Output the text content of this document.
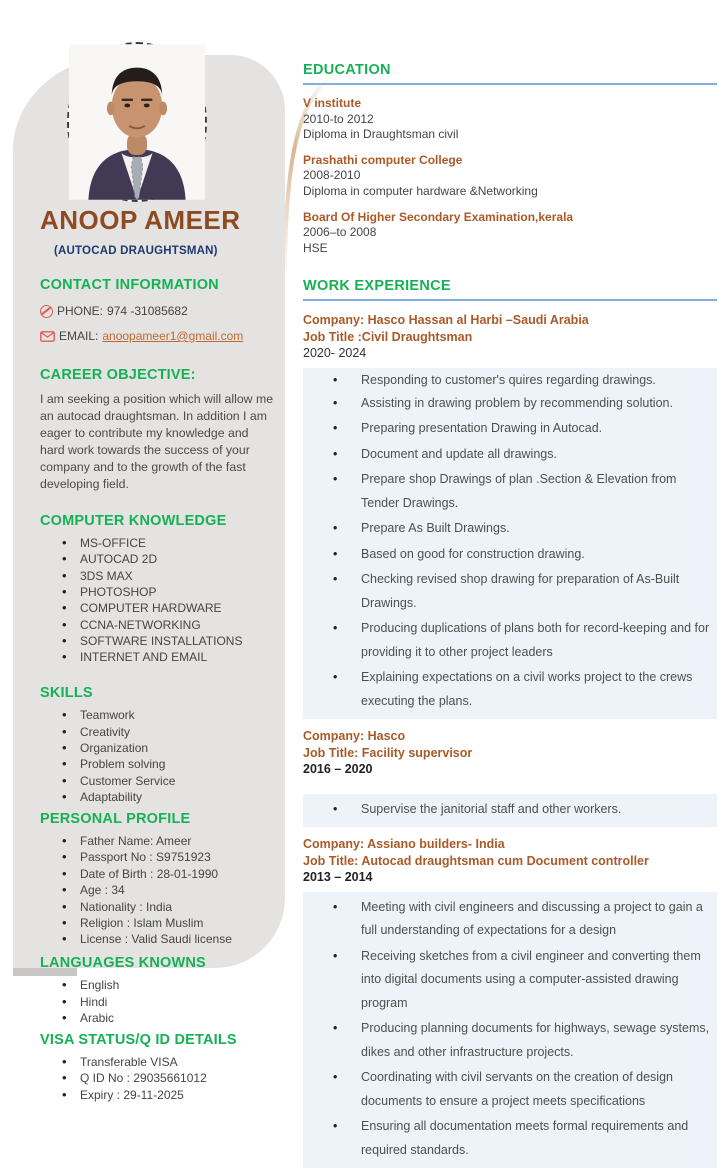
ANOOP AMEER
(AUTOCAD DRAUGHTSMAN)
CONTACT INFORMATION
PHONE: 974 -31085682
EMAIL: anoopameer1@gmail.com
CAREER OBJECTIVE:

I am seeking a position which will allow me an autocad draughtsman. In addition I am eager to contribute my knowledge and hard work towards the success of your company and to the growth of the fast developing field.

COMPUTER KNOWLEDGE
• MS-OFFICE
• AUTOCAD 2D
• 3DS MAX
• PHOTOSHOP
• COMPUTER HARDWARE
• CCNA-NETWORKING
• SOFTWARE INSTALLATIONS
• INTERNET AND EMAIL
SKILLS
• Teamwork
• Creativity
• Organization
• Problem solving
• Customer Service
• Adaptability
PERSONAL PROFILE
• Father Name: Ameer
• Passport No : S9751923
• Date of Birth : 28-01-1990
• Age : 34
• Nationality : India
• Religion : Islam Muslim
• License : Valid Saudi license
LANGUAGES KNOWNS
• English
• Hindi
• Arabic
VISA STATUS/Q ID DETAILS
• Transferable VISA
• Q ID No : 29035661012
• Expiry : 29-11-2025
EDUCATION
V institute
2010-to 2012
Diploma in Draughtsman civil
Prashathi computer College
2008-2010
Diploma in computer hardware &Networking
Board Of Higher Secondary Examination,kerala
2006–to 2008
HSE
WORK EXPERIENCE
Company: Hasco Hassan al Harbi –Saudi Arabia
Job Title :Civil Draughtsman
2020- 2024
• Responding to customer's quires regarding drawings.
• Assisting in drawing problem by recommending solution.
• Preparing presentation Drawing in Autocad.
• Document and update all drawings.
• Prepare shop Drawings of plan .Section & Elevation from Tender Drawings.
• Prepare As Built Drawings.
• Based on good for construction drawing.
• Checking revised shop drawing for preparation of As-Built Drawings.
• Producing duplications of plans both for record-keeping and for providing it to other project leaders
• Explaining expectations on a civil works project to the crews executing the plans.
Company: Hasco
Job Title: Facility supervisor
2016 – 2020
• Supervise the janitorial staff and other workers.
Company: Assiano builders- India
Job Title: Autocad draughtsman cum Document controller
2013 – 2014
• Meeting with civil engineers and discussing a project to gain a full understanding of expectations for a design
• Receiving sketches from a civil engineer and converting them into digital documents using a computer-assisted drawing program
• Producing planning documents for highways, sewage systems, dikes and other infrastructure projects.
• Coordinating with civil servants on the creation of design documents to ensure a project meets specifications
• Ensuring all documentation meets formal requirements and required standards.
